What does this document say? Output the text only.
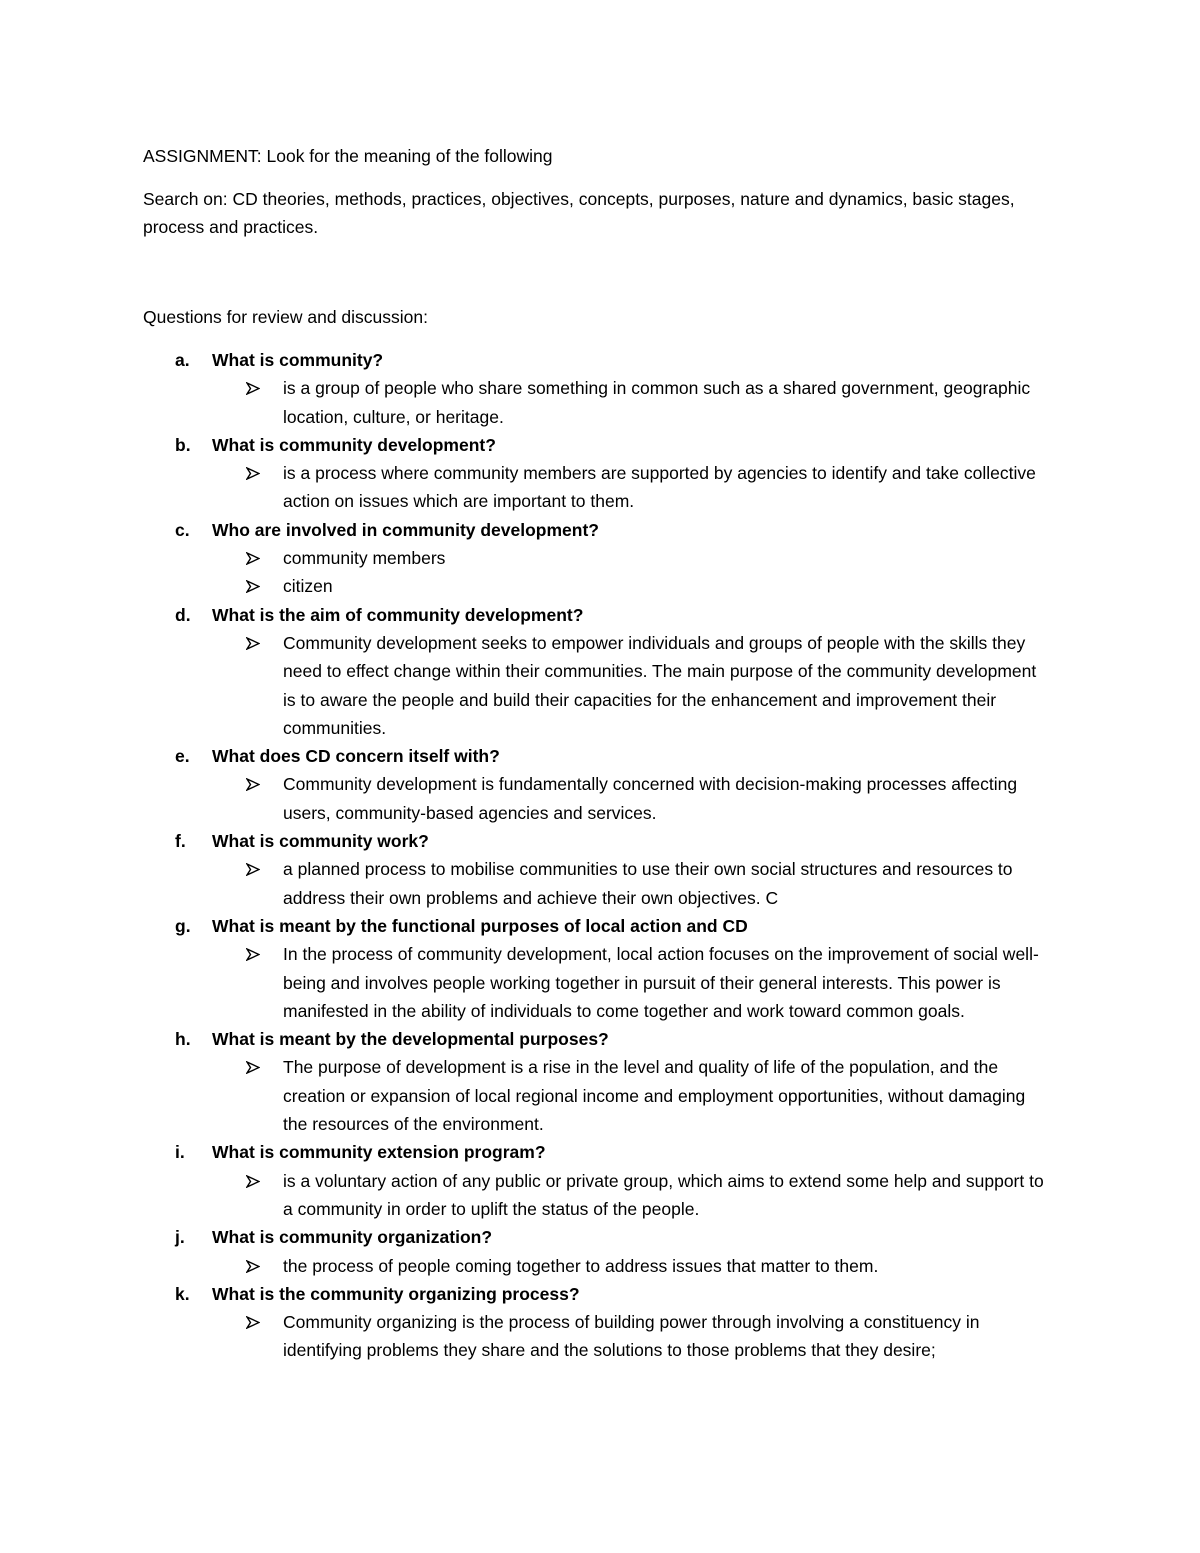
ASSIGNMENT: Look for the meaning of the following

Search on: CD theories, methods, practices, objectives, concepts, purposes, nature and dynamics, basic stages, process and practices.

Questions for review and discussion:

a. What is community?
is a group of people who share something in common such as a shared government, geographic location, culture, or heritage.
b. What is community development?
is a process where community members are supported by agencies to identify and take collective action on issues which are important to them.
c. Who are involved in community development?
community members
citizen
d. What is the aim of community development?
Community development seeks to empower individuals and groups of people with the skills they need to effect change within their communities. The main purpose of the community development is to aware the people and build their capacities for the enhancement and improvement their communities.
e. What does CD concern itself with?
Community development is fundamentally concerned with decision-making processes affecting users, community-based agencies and services.
f. What is community work?
a planned process to mobilise communities to use their own social structures and resources to address their own problems and achieve their own objectives. C
g. What is meant by the functional purposes of local action and CD
In the process of community development, local action focuses on the improvement of social well-being and involves people working together in pursuit of their general interests. This power is manifested in the ability of individuals to come together and work toward common goals.
h. What is meant by the developmental purposes?
The purpose of development is a rise in the level and quality of life of the population, and the creation or expansion of local regional income and employment opportunities, without damaging the resources of the environment.
i. What is community extension program?
is a voluntary action of any public or private group, which aims to extend some help and support to a community in order to uplift the status of the people.
j. What is community organization?
the process of people coming together to address issues that matter to them.
k. What is the community organizing process?
Community organizing is the process of building power through involving a constituency in identifying problems they share and the solutions to those problems that they desire;
